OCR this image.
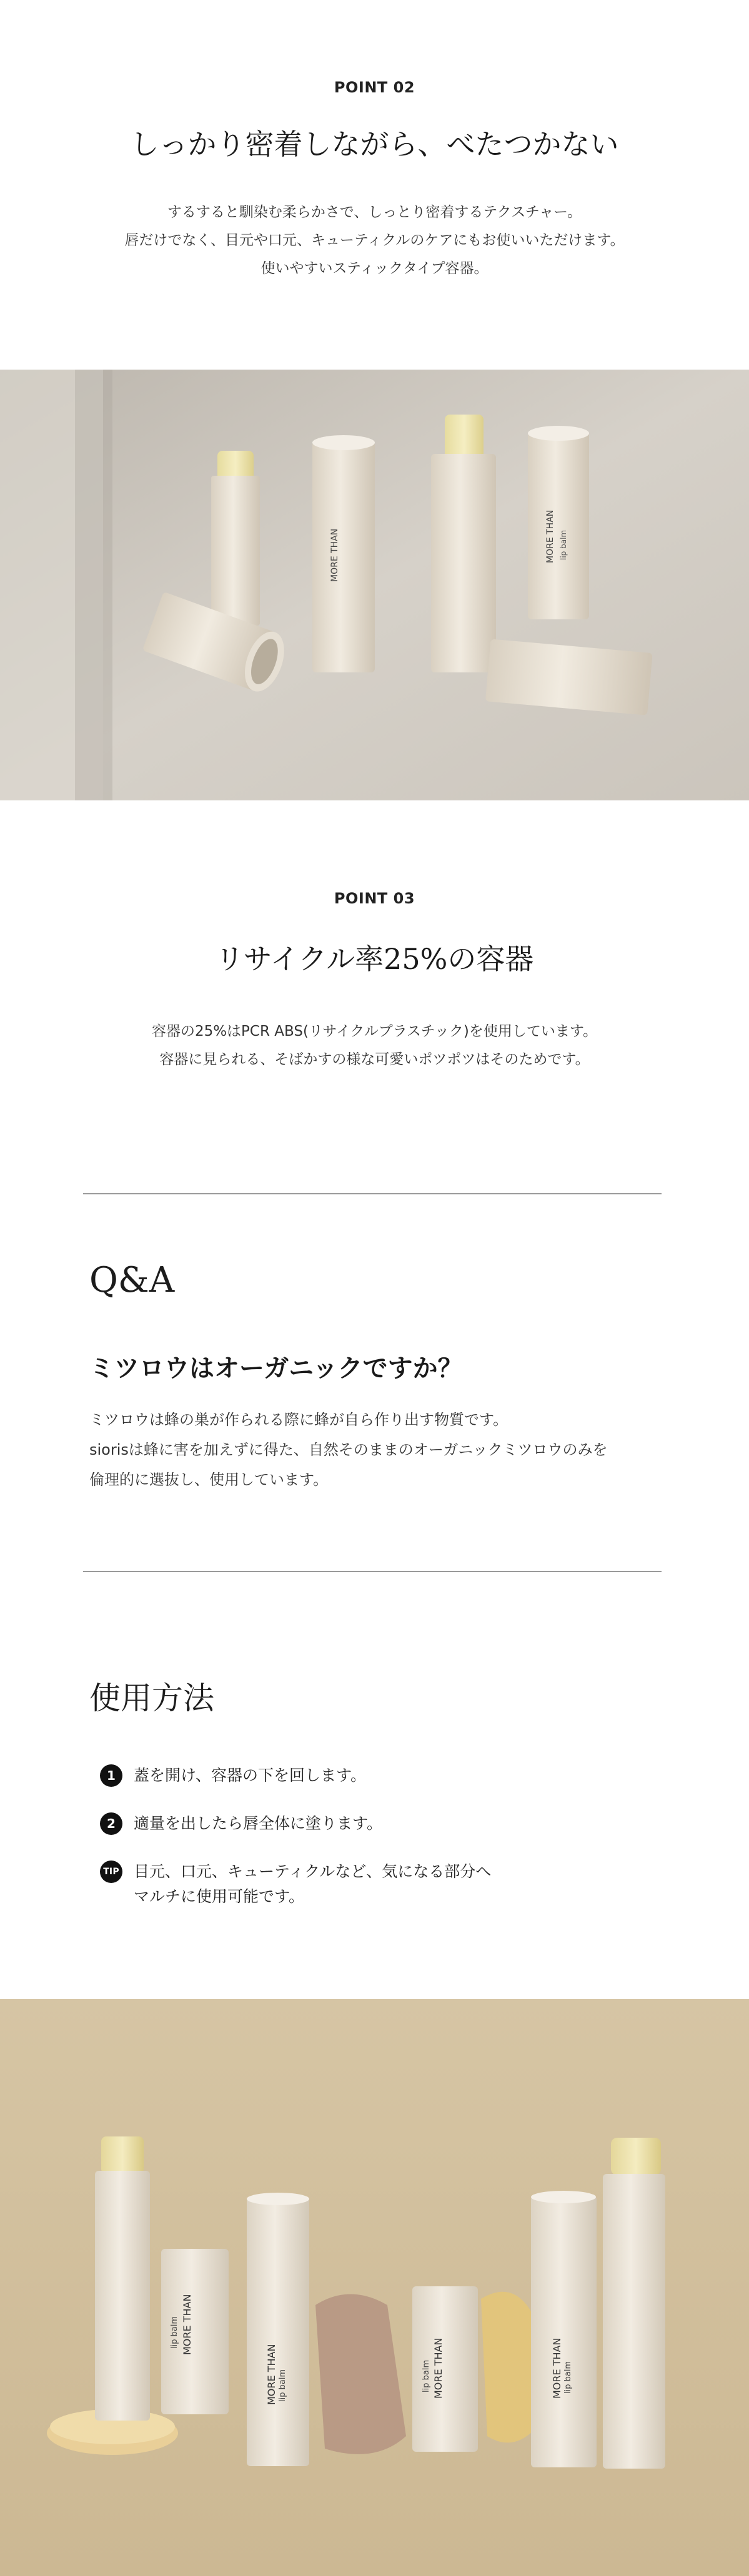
POINT 02
しっかり密着しながら、べたつかない
するすると馴染む柔らかさで、しっとり密着するテクスチャー。
唇だけでなく、目元や口元、キューティクルのケアにもお使いいただけます。
使いやすいスティックタイプ容器。
MORE THAN	MORE THAN lip balm
POINT 03
リサイクル率25%の容器
容器の25%はPCR ABS(リサイクルプラスチック)を使用しています。
容器に見られる、そばかすの様な可愛いポツポツはそのためです。
Q&A
ミツロウはオーガニックですか？
ミツロウは蜂の巣が作られる際に蜂が自ら作り出す物質です。
siorisは蜂に害を加えずに得た、自然そのままのオーガニックミツロウのみを
倫理的に選抜し、使用しています。
使用方法
1	蓋を開け、容器の下を回します。
2	適量を出したら唇全体に塗ります。
TIP 目元、口元、キューティクルなど、気になる部分へ
マルチに使用可能です。
MORE THAN
lip balm
MORE THAN lip balm	MORE THAN
lip balm	MORE THAN lip balm
